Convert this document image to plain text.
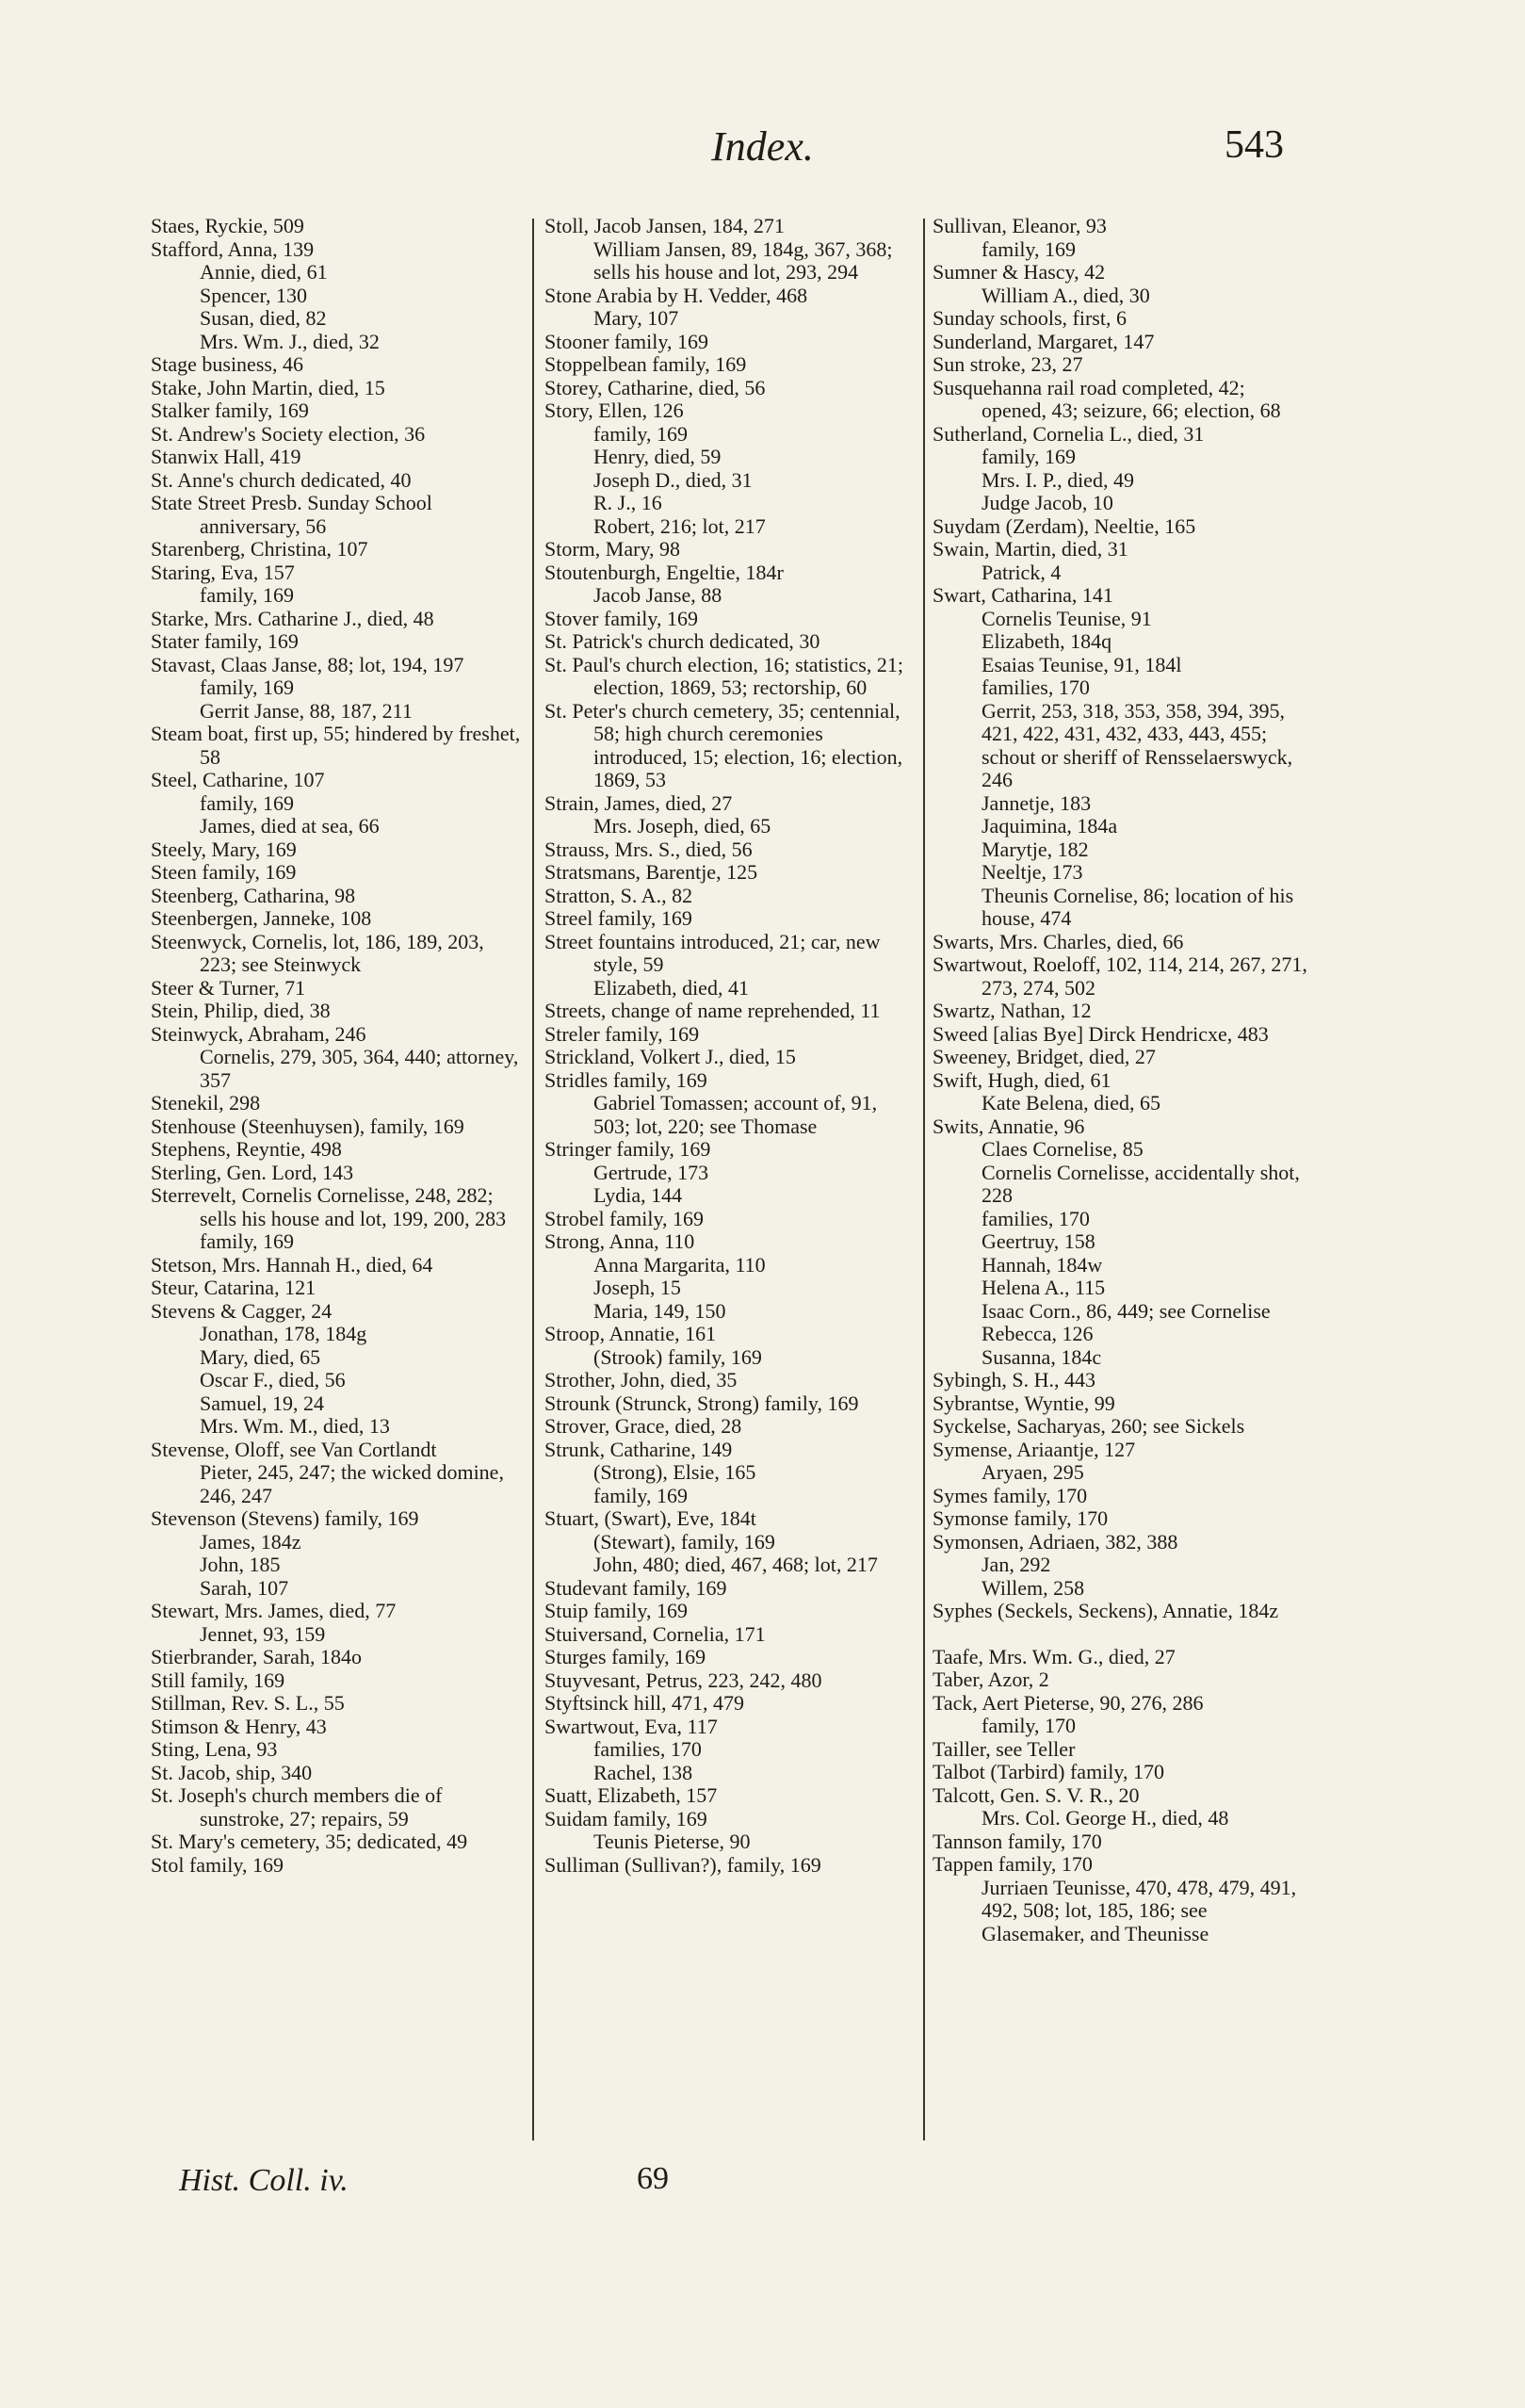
Index.	543

Staes, Ryckie, 509

Stafford, Anna, 139

Annie, died, 61

Spencer, 130

Susan, died, 82

Mrs. Wm. J., died, 32

Stage business, 46

Stake, John Martin, died, 15

Stalker family, 169

St. Andrew's Society election, 36

Stanwix Hall, 419

St. Anne's church dedicated, 40

State Street Presb. Sunday School anniversary, 56

Starenberg, Christina, 107

Staring, Eva, 157

family, 169

Starke, Mrs. Catharine J., died, 48

Stater family, 169

Stavast, Claas Janse, 88; lot, 194, 197

family, 169

Gerrit Janse, 88, 187, 211

Steam boat, first up, 55; hindered by freshet, 58

Steel, Catharine, 107

family, 169

James, died at sea, 66

Steely, Mary, 169

Steen family, 169

Steenberg, Catharina, 98

Steenbergen, Janneke, 108

Steenwyck, Cornelis, lot, 186, 189, 203, 223; see Steinwyck

Steer & Turner, 71

Stein, Philip, died, 38

Steinwyck, Abraham, 246

Cornelis, 279, 305, 364, 440; attorney, 357

Stenekil, 298

Stenhouse (Steenhuysen), family, 169

Stephens, Reyntie, 498

Sterling, Gen. Lord, 143

Sterrevelt, Cornelis Cornelisse, 248, 282; sells his house and lot, 199, 200, 283

family, 169

Stetson, Mrs. Hannah H., died, 64

Steur, Catarina, 121

Stevens & Cagger, 24

Jonathan, 178, 184g

Mary, died, 65

Oscar F., died, 56

Samuel, 19, 24

Mrs. Wm. M., died, 13

Stevense, Oloff, see Van Cortlandt

Pieter, 245, 247; the wicked domine, 246, 247

Stevenson (Stevens) family, 169

James, 184z

John, 185

Sarah, 107

Stewart, Mrs. James, died, 77

Jennet, 93, 159

Stierbrander, Sarah, 184o

Still family, 169

Stillman, Rev. S. L., 55

Stimson & Henry, 43

Sting, Lena, 93

St. Jacob, ship, 340

St. Joseph's church members die of sunstroke, 27; repairs, 59

St. Mary's cemetery, 35; dedicated, 49

Stol family, 169

Stoll, Jacob Jansen, 184, 271

William Jansen, 89, 184g, 367, 368; sells his house and lot, 293, 294

Stone Arabia by H. Vedder, 468

Mary, 107

Stooner family, 169

Stoppelbean family, 169

Storey, Catharine, died, 56

Story, Ellen, 126

family, 169

Henry, died, 59

Joseph D., died, 31

R. J., 16

Robert, 216; lot, 217

Storm, Mary, 98

Stoutenburgh, Engeltie, 184r

Jacob Janse, 88

Stover family, 169

St. Patrick's church dedicated, 30

St. Paul's church election, 16; statistics, 21; election, 1869, 53; rectorship, 60

St. Peter's church cemetery, 35; centennial, 58; high church ceremonies introduced, 15; election, 16; election, 1869, 53

Strain, James, died, 27

Mrs. Joseph, died, 65

Strauss, Mrs. S., died, 56

Stratsmans, Barentje, 125

Stratton, S. A., 82

Streel family, 169

Street fountains introduced, 21; car, new style, 59

Elizabeth, died, 41

Streets, change of name reprehended, 11

Streler family, 169

Strickland, Volkert J., died, 15

Stridles family, 169

Gabriel Tomassen; account of, 91, 503; lot, 220; see Thomase

Stringer family, 169

Gertrude, 173

Lydia, 144

Strobel family, 169

Strong, Anna, 110

Anna Margarita, 110

Joseph, 15

Maria, 149, 150

Stroop, Annatie, 161

(Strook) family, 169

Strother, John, died, 35

Strounk (Strunck, Strong) family, 169

Strover, Grace, died, 28

Strunk, Catharine, 149

(Strong), Elsie, 165

family, 169

Stuart, (Swart), Eve, 184t

(Stewart), family, 169

John, 480; died, 467, 468; lot, 217

Studevant family, 169

Stuip family, 169

Stuiversand, Cornelia, 171

Sturges family, 169

Stuyvesant, Petrus, 223, 242, 480

Styftsinck hill, 471, 479

Swartwout, Eva, 117

families, 170

Rachel, 138

Suatt, Elizabeth, 157

Suidam family, 169

Teunis Pieterse, 90

Sulliman (Sullivan?), family, 169

Sullivan, Eleanor, 93

family, 169

Sumner & Hascy, 42

William A., died, 30

Sunday schools, first, 6

Sunderland, Margaret, 147

Sun stroke, 23, 27

Susquehanna rail road completed, 42; opened, 43; seizure, 66; election, 68

Sutherland, Cornelia L., died, 31

family, 169

Mrs. I. P., died, 49

Judge Jacob, 10

Suydam (Zerdam), Neeltie, 165

Swain, Martin, died, 31

Patrick, 4

Swart, Catharina, 141

Cornelis Teunise, 91

Elizabeth, 184q

Esaias Teunise, 91, 184l

families, 170

Gerrit, 253, 318, 353, 358, 394, 395, 421, 422, 431, 432, 433, 443, 455; schout or sheriff of Rensselaerswyck, 246

Jannetje, 183

Jaquimina, 184a

Marytje, 182

Neeltje, 173

Theunis Cornelise, 86; location of his house, 474

Swarts, Mrs. Charles, died, 66

Swartwout, Roeloff, 102, 114, 214, 267, 271, 273, 274, 502

Swartz, Nathan, 12

Sweed [alias Bye] Dirck Hendricxe, 483

Sweeney, Bridget, died, 27

Swift, Hugh, died, 61

Kate Belena, died, 65

Swits, Annatie, 96

Claes Cornelise, 85

Cornelis Cornelisse, accidentally shot, 228

families, 170

Geertruy, 158

Hannah, 184w

Helena A., 115

Isaac Corn., 86, 449; see Cornelise

Rebecca, 126

Susanna, 184c

Sybingh, S. H., 443

Sybrantse, Wyntie, 99

Syckelse, Sacharyas, 260; see Sickels

Symense, Ariaantje, 127

Aryaen, 295

Symes family, 170

Symonse family, 170

Symonsen, Adriaen, 382, 388

Jan, 292

Willem, 258

Syphes (Seckels, Seckens), Annatie, 184z

Taafe, Mrs. Wm. G., died, 27

Taber, Azor, 2

Tack, Aert Pieterse, 90, 276, 286

family, 170

Tailler, see Teller

Talbot (Tarbird) family, 170

Talcott, Gen. S. V. R., 20

Mrs. Col. George H., died, 48

Tannson family, 170

Tappen family, 170

Jurriaen Teunisse, 470, 478, 479, 491, 492, 508; lot, 185, 186; see Glasemaker, and Theunisse

Hist. Coll. iv.	69
